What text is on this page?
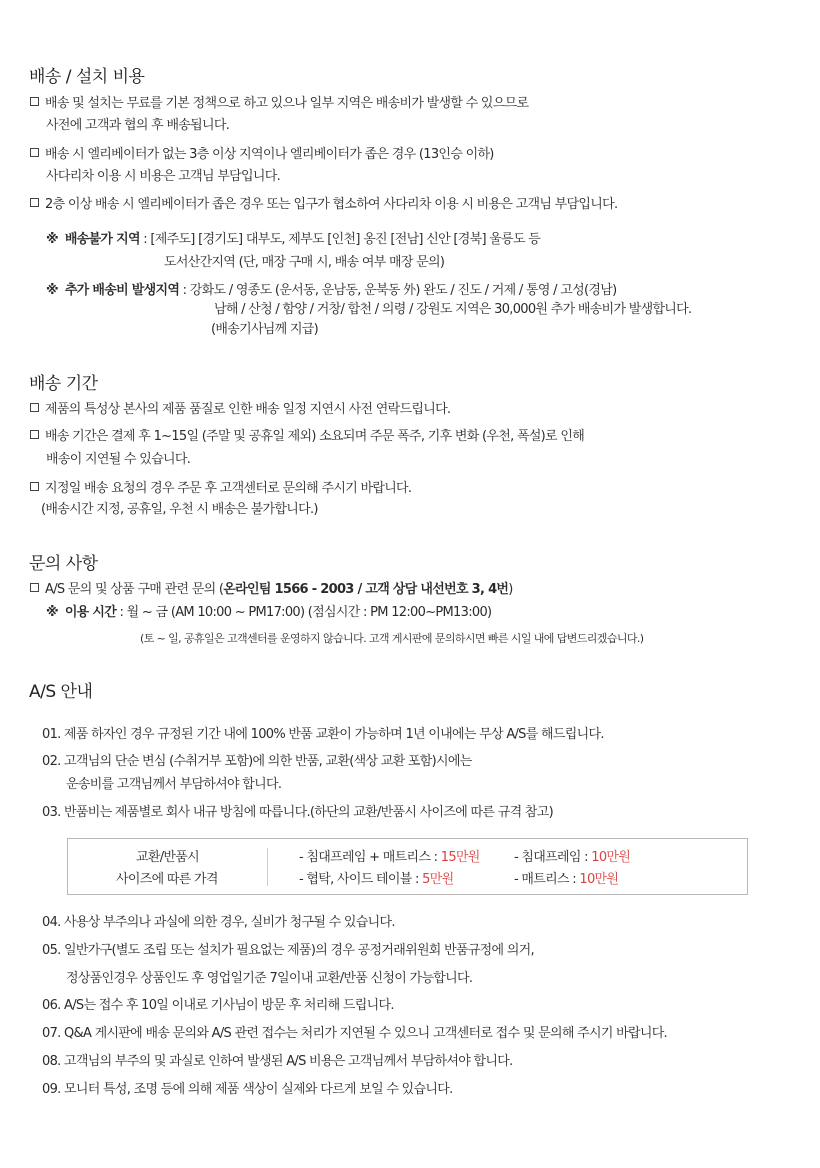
배송 / 설치 비용
배송 및 설치는 무료를 기본 정책으로 하고 있으나 일부 지역은 배송비가 발생할 수 있으므로
사전에 고객과 협의 후 배송됩니다.
배송 시 엘리베이터가 없는 3층 이상 지역이나 엘리베이터가 좁은 경우 (13인승 이하)
사다리차 이용 시 비용은 고객님 부담입니다.
2층 이상 배송 시 엘리베이터가 좁은 경우 또는 입구가 협소하여 사다리차 이용 시 비용은 고객님 부담입니다.
※ 배송불가 지역 : [제주도] [경기도] 대부도, 제부도 [인천] 옹진 [전남] 신안 [경북] 울릉도 등
도서산간지역 (단, 매장 구매 시, 배송 여부 매장 문의)
※ 추가 배송비 발생지역 : 강화도 / 영종도 (운서동, 운남동, 운북동 外) 완도 / 진도 / 거제 / 통영 / 고성(경남)
남해 / 산청 / 함양 / 거창/ 합천 / 의령 / 강원도 지역은 30,000원 추가 배송비가 발생합니다.
(배송기사님께 지급)
배송 기간
제품의 특성상 본사의 제품 품질로 인한 배송 일정 지연시 사전 연락드립니다.
배송 기간은 결제 후 1~15일 (주말 및 공휴일 제외) 소요되며 주문 폭주, 기후 변화 (우천, 폭설)로 인해
배송이 지연될 수 있습니다.
지정일 배송 요청의 경우 주문 후 고객센터로 문의해 주시기 바랍니다.
(배송시간 지정, 공휴일, 우천 시 배송은 불가합니다.)
문의 사항
A/S 문의 및 상품 구매 관련 문의 (온라인팀 1566 - 2003 / 고객 상담 내선번호 3, 4번)
※ 이용 시간 : 월 ~ 금 (AM 10:00 ~ PM17:00) (점심시간 : PM 12:00~PM13:00)
(토 ~ 일, 공휴일은 고객센터를 운영하지 않습니다. 고객 게시판에 문의하시면 빠른 시일 내에 답변드리겠습니다.)
A/S 안내
01. 제품 하자인 경우 규정된 기간 내에 100% 반품 교환이 가능하며 1년 이내에는 무상 A/S를 해드립니다.
02. 고객님의 단순 변심 (수취거부 포함)에 의한 반품, 교환(색상 교환 포함)시에는
운송비를 고객님께서 부담하셔야 합니다.
03. 반품비는 제품별로 회사 내규 방침에 따릅니다.(하단의 교환/반품시 사이즈에 따른 규격 참고)
교환/반품시
사이즈에 따른 가격
- 침대프레임 + 매트리스 : 15만원	- 침대프레임 : 10만원
- 협탁, 사이드 테이블 : 5만원	- 매트리스 : 10만원
04. 사용상 부주의나 과실에 의한 경우, 실비가 청구될 수 있습니다.
05. 일반가구(별도 조립 또는 설치가 필요없는 제품)의 경우 공정거래위원회 반품규정에 의거,
정상품인경우 상품인도 후 영업일기준 7일이내 교환/반품 신청이 가능합니다.
06. A/S는 접수 후 10일 이내로 기사님이 방문 후 처리해 드립니다.
07. Q&A 게시판에 배송 문의와 A/S 관련 접수는 처리가 지연될 수 있으니 고객센터로 접수 및 문의해 주시기 바랍니다.
08. 고객님의 부주의 및 과실로 인하여 발생된 A/S 비용은 고객님께서 부담하셔야 합니다.
09. 모니터 특성, 조명 등에 의해 제품 색상이 실제와 다르게 보일 수 있습니다.
